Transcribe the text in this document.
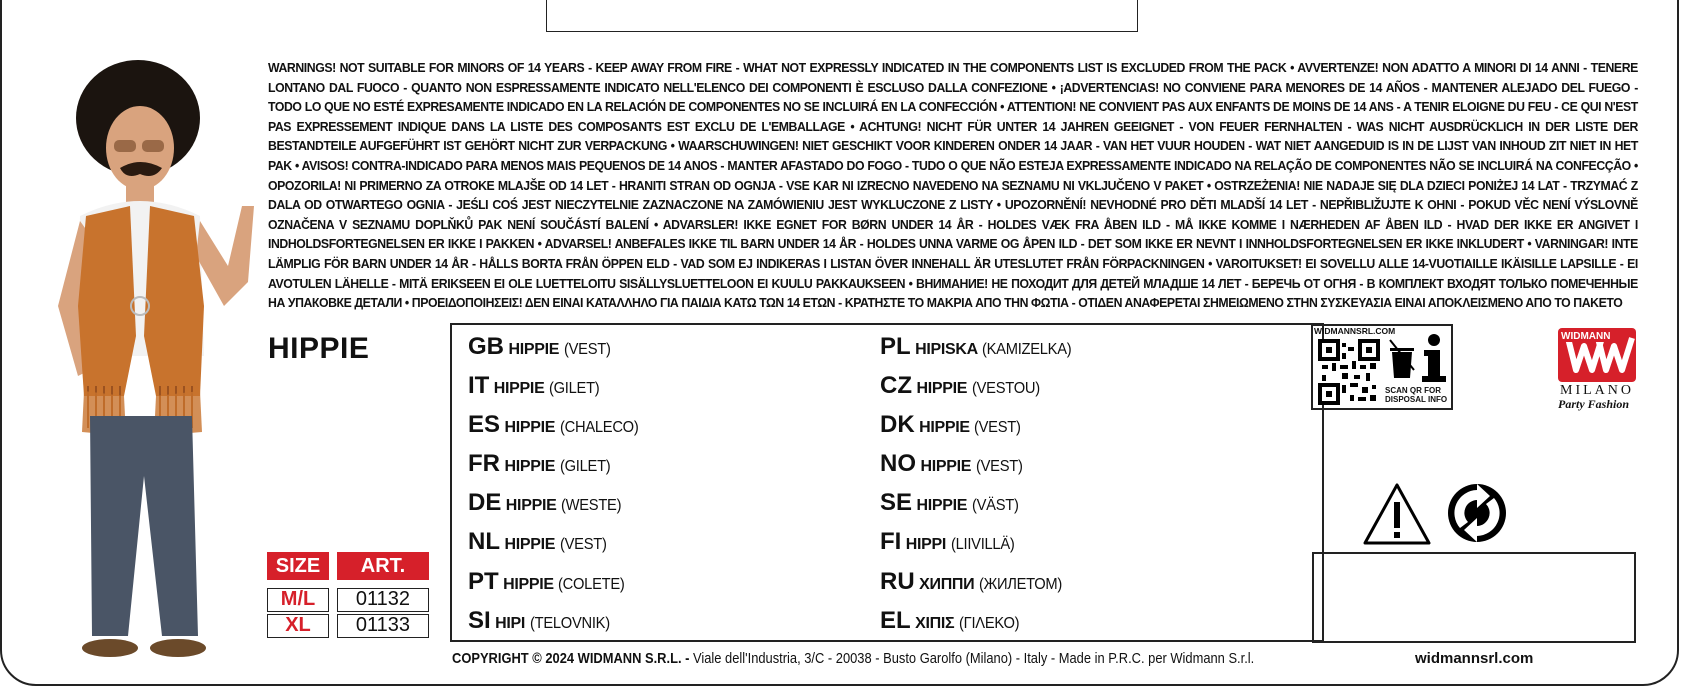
WARNINGS! NOT SUITABLE FOR MINORS OF 14 YEARS - KEEP AWAY FROM FIRE - WHAT NOT EXPRESSLY INDICATED IN THE COMPONENTS LIST IS EXCLUDED FROM THE PACK • AVVERTENZE! NON ADATTO A MINORI DI 14 ANNI - TENERE LONTANO DAL FUOCO - QUANTO NON ESPRESSAMENTE INDICATO NELL'ELENCO DEI COMPONENTI È ESCLUSO DALLA CONFEZIONE • ¡ADVERTENCIAS! NO CONVIENE PARA MENORES DE 14 AÑOS - MANTENER ALEJADO DEL FUEGO - TODO LO QUE NO ESTÉ EXPRESAMENTE INDICADO EN LA RELACIÓN DE COMPONENTES NO SE INCLUIRÁ EN LA CONFECCIÓN • ATTENTION! NE CONVIENT PAS AUX ENFANTS DE MOINS DE 14 ANS - A TENIR ELOIGNE DU FEU - CE QUI N'EST PAS EXPRESSEMENT INDIQUE DANS LA LISTE DES COMPOSANTS EST EXCLU DE L'EMBALLAGE • ACHTUNG! NICHT FÜR UNTER 14 JAHREN GEEIGNET - VON FEUER FERNHALTEN - WAS NICHT AUSDRÜCKLICH IN DER LISTE DER BESTANDTEILE AUFGEFÜHRT IST GEHÖRT NICHT ZUR VERPACKUNG • WAARSCHUWINGEN! NIET GESCHIKT VOOR KINDEREN ONDER 14 JAAR - VAN HET VUUR HOUDEN - WAT NIET AANGEDUID IS IN DE LIJST VAN INHOUD ZIT NIET IN HET PAK • AVISOS! CONTRA-INDICADO PARA MENOS MAIS PEQUENOS DE 14 ANOS - MANTER AFASTADO DO FOGO - TUDO O QUE NÃO ESTEJA EXPRESSAMENTE INDICADO NA RELAÇÃO DE COMPONENTES NÃO SE INCLUIRÁ NA CONFECÇÃO • OPOZORILA! NI PRIMERNO ZA OTROKE MLAJŠE OD 14 LET - HRANITI STRAN OD OGNJA - VSE KAR NI IZRECNO NAVEDENO NA SEZNAMU NI VKLJUČENO V PAKET • OSTRZEŻENIA! NIE NADAJE SIĘ DLA DZIECI PONIŻEJ 14 LAT - TRZYMAĆ Z DALA OD OTWARTEGO OGNIA - JEŚLI COŚ JEST NIECZYTELNIE ZAZNACZONE NA ZAMÓWIENIU JEST WYKLUCZONE Z LISTY • UPOZORNĚNÍ! NEVHODNÉ PRO DĚTI MLADŠÍ 14 LET - NEPŘIBLIŽUJTE K OHNI - POKUD VĚC NENÍ VÝSLOVNĚ OZNAČENA V SEZNAMU DOPLŇKŮ PAK NENÍ SOUČÁSTÍ BALENÍ • ADVARSLER! IKKE EGNET FOR BØRN UNDER 14 ÅR - HOLDES VÆK FRA ÅBEN ILD - MÅ IKKE KOMME I NÆRHEDEN AF ÅBEN ILD - HVAD DER IKKE ER ANGIVET I INDHOLDSFORTEGNELSEN ER IKKE I PAKKEN • ADVARSEL! ANBEFALES IKKE TIL BARN UNDER 14 ÅR - HOLDES UNNA VARME OG ÅPEN ILD - DET SOM IKKE ER NEVNT I INNHOLDSFORTEGNELSEN ER IKKE INKLUDERT • VARNINGAR! INTE LÄMPLIG FÖR BARN UNDER 14 ÅR - HÅLLS BORTA FRÅN ÖPPEN ELD - VAD SOM EJ INDIKERAS I LISTAN ÖVER INNEHALL ÄR UTESLUTET FRÅN FÖRPACKNINGEN • VAROITUKSET! EI SOVELLU ALLE 14-VUOTIAILLE IKÄISILLE LAPSILLE - EI AVOTULEN LÄHELLE - MITÄ ERIKSEEN EI OLE LUETTELOITU SISÄLLYSLUETTELOON EI KUULU PAKKAUKSEEN • ВНИМАНИЕ! НЕ ПОХОДИТ ДЛЯ ДЕТЕЙ МЛАДШЕ 14 ЛЕТ - БЕРЕЧЬ ОТ ОГНЯ - В КОМПЛЕКТ ВХОДЯТ ТОЛЬКО ПОМЕЧЕННЫЕ НА УПАКОВКЕ ДЕТАЛИ • ΠΡΟΕΙΔΟΠΟΙΗΣΕΙΣ! ΔΕΝ ΕΙΝΑΙ ΚΑΤΑΛΛΗΛΟ ΓΙΑ ΠΑΙΔΙΑ ΚΑΤΩ ΤΩΝ 14 ΕΤΩΝ - ΚΡΑΤΗΣΤΕ ΤΟ ΜΑΚΡΙΑ ΑΠΟ ΤΗΝ ΦΩΤΙΑ - ΟΤΙΔΕΝ ΑΝΑΦΕΡΕΤΑΙ ΣΗΜΕΙΩΜΕΝΟ ΣΤΗΝ ΣΥΣΚΕΥΑΣΙΑ ΕΙΝΑΙ ΑΠΟΚΛΕΙΣΜΕΝΟ ΑΠΟ ΤΟ ΠΑΚΕΤΟ
HIPPIE
SIZE	ART.
M/L	01132
XL	01133
GB HIPPIE (VEST)
IT HIPPIE (GILET)
ES HIPPIE (CHALECO)
FR HIPPIE (GILET)
DE HIPPIE (WESTE)
NL HIPPIE (VEST)
PT HIPPIE (COLETE)
SI HIPI (TELOVNIK)
PL HIPISKA (KAMIZELKA)
CZ HIPPIE (VESTOU)
DK HIPPIE (VEST)
NO HIPPIE (VEST)
SE HIPPIE (VÄST)
FI HIPPI (LIIVILLÄ)
RU ХИППИ (ЖИЛЕТОМ)
EL ΧΙΠΙΣ (ΓΙΛΕΚΟ)
WIDMANNSRL.COM
SCAN QR FOR DISPOSAL INFO
WIDMANN
MILANO
Party Fashion
COPYRIGHT © 2024 WIDMANN S.R.L. - Viale dell'Industria, 3/C - 20038 - Busto Garolfo (Milano) - Italy - Made in P.R.C. per Widmann S.r.l.	widmannsrl.com
